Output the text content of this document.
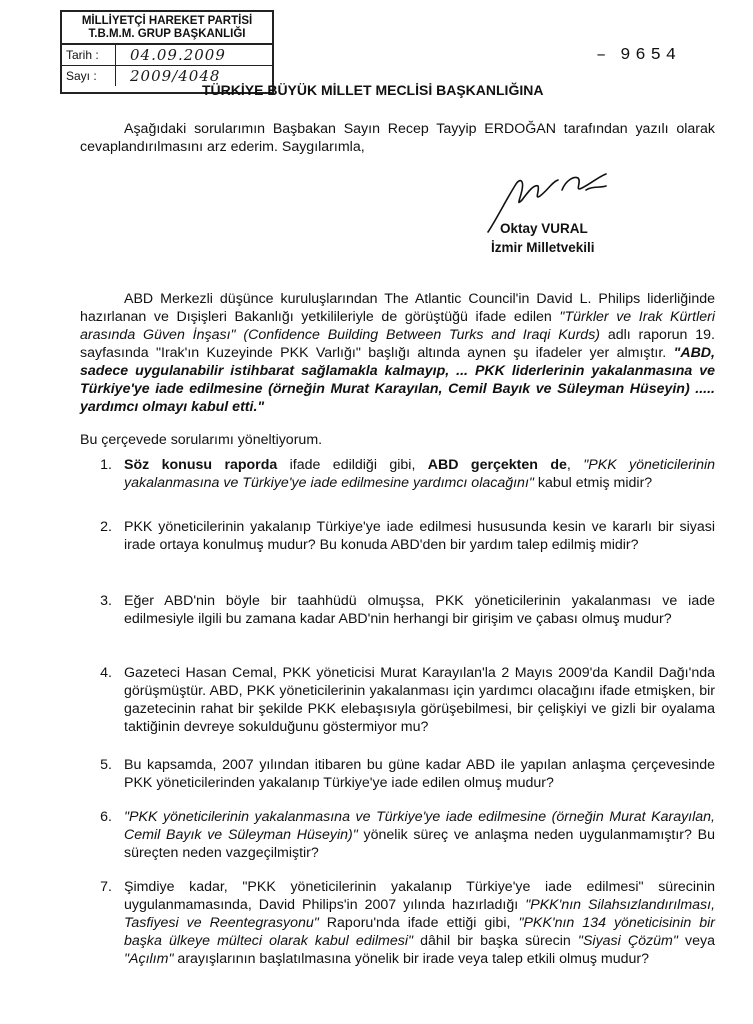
MİLLİYETÇİ HAREKET PARTİSİ
T.B.M.M. GRUP BAŞKANLIĞI
Tarih :	04.09.2009
Sayı :	2009/4048
– 9654
TÜRKİYE BÜYÜK MİLLET MECLİSİ BAŞKANLIĞINA
Aşağıdaki sorularımın Başbakan Sayın Recep Tayyip ERDOĞAN tarafından yazılı olarak cevaplandırılmasını arz ederim. Saygılarımla,
Oktay VURAL
İzmir Milletvekili
ABD Merkezli düşünce kuruluşlarından The Atlantic Council'in David L. Philips liderliğinde hazırlanan ve Dışişleri Bakanlığı yetkilileriyle de görüştüğü ifade edilen "Türkler ve Irak Kürtleri arasında Güven İnşası" (Confidence Building Between Turks and Iraqi Kurds) adlı raporun 19. sayfasında "Irak'ın Kuzeyinde PKK Varlığı" başlığı altında aynen şu ifadeler yer almıştır. "ABD, sadece uygulanabilir istihbarat sağlamakla kalmayıp, ... PKK liderlerinin yakalanmasına ve Türkiye'ye iade edilmesine (örneğin Murat Karayılan, Cemil Bayık ve Süleyman Hüseyin) ..... yardımcı olmayı kabul etti."
Bu çerçevede sorularımı yöneltiyorum.
1. Söz konusu raporda ifade edildiği gibi, ABD gerçekten de, "PKK yöneticilerinin yakalanmasına ve Türkiye'ye iade edilmesine yardımcı olacağını" kabul etmiş midir?
2. PKK yöneticilerinin yakalanıp Türkiye'ye iade edilmesi hususunda kesin ve kararlı bir siyasi irade ortaya konulmuş mudur? Bu konuda ABD'den bir yardım talep edilmiş midir?
3. Eğer ABD'nin böyle bir taahhüdü olmuşsa, PKK yöneticilerinin yakalanması ve iade edilmesiyle ilgili bu zamana kadar ABD'nin herhangi bir girişim ve çabası olmuş mudur?
4. Gazeteci Hasan Cemal, PKK yöneticisi Murat Karayılan'la 2 Mayıs 2009'da Kandil Dağı'nda görüşmüştür. ABD, PKK yöneticilerinin yakalanması için yardımcı olacağını ifade etmişken, bir gazetecinin rahat bir şekilde PKK elebaşısıyla görüşebilmesi, bir çelişkiyi ve gizli bir oyalama taktiğinin devreye sokulduğunu göstermiyor mu?
5. Bu kapsamda, 2007 yılından itibaren bu güne kadar ABD ile yapılan anlaşma çerçevesinde PKK yöneticilerinden yakalanıp Türkiye'ye iade edilen olmuş mudur?
6. "PKK yöneticilerinin yakalanmasına ve Türkiye'ye iade edilmesine (örneğin Murat Karayılan, Cemil Bayık ve Süleyman Hüseyin)" yönelik süreç ve anlaşma neden uygulanmamıştır? Bu süreçten neden vazgeçilmiştir?
7. Şimdiye kadar, "PKK yöneticilerinin yakalanıp Türkiye'ye iade edilmesi" sürecinin uygulanmamasında, David Philips'in 2007 yılında hazırladığı "PKK'nın Silahsızlandırılması, Tasfiyesi ve Reentegrasyonu" Raporu'nda ifade ettiği gibi, "PKK'nın 134 yöneticisinin bir başka ülkeye mülteci olarak kabul edilmesi" dâhil bir başka sürecin "Siyasi Çözüm" veya "Açılım" arayışlarının başlatılmasına yönelik bir irade veya talep etkili olmuş mudur?
